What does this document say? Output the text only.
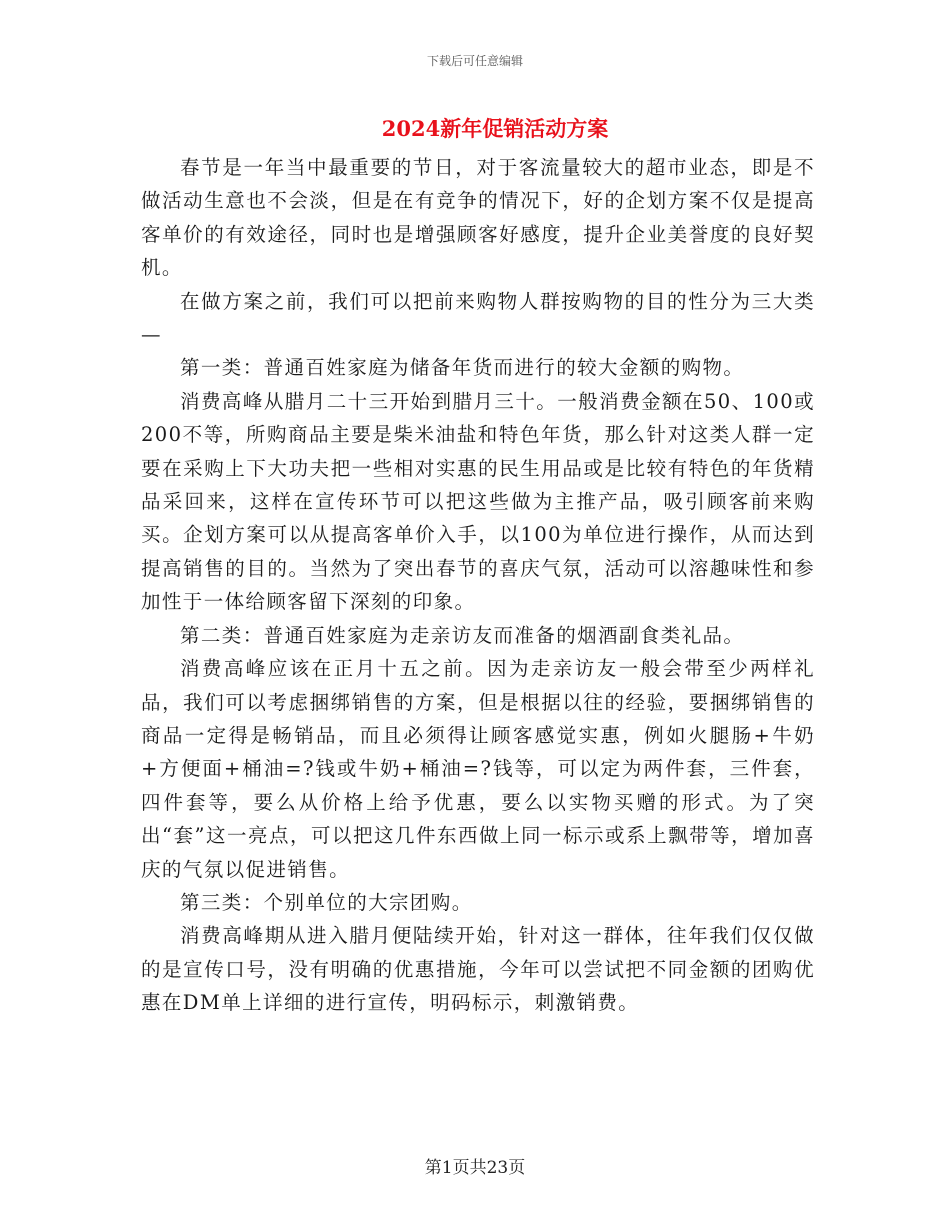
下载后可任意编辑
2024新年促销活动方案

春节是一年当中最重要的节日，对于客流量较大的超市业态，即是不做活动生意也不会淡，但是在有竞争的情况下，好的企划方案不仅是提高客单价的有效途径，同时也是增强顾客好感度，提升企业美誉度的良好契机。

在做方案之前，我们可以把前来购物人群按购物的目的性分为三大类—

第一类：普通百姓家庭为储备年货而进行的较大金额的购物。

消费高峰从腊月二十三开始到腊月三十。一般消费金额在50、100或200不等，所购商品主要是柴米油盐和特色年货，那么针对这类人群一定要在采购上下大功夫把一些相对实惠的民生用品或是比较有特色的年货精品采回来，这样在宣传环节可以把这些做为主推产品，吸引顾客前来购买。企划方案可以从提高客单价入手，以100为单位进行操作，从而达到提高销售的目的。当然为了突出春节的喜庆气氛，活动可以溶趣味性和参加性于一体给顾客留下深刻的印象。

第二类：普通百姓家庭为走亲访友而准备的烟酒副食类礼品。

消费高峰应该在正月十五之前。因为走亲访友一般会带至少两样礼品，我们可以考虑捆绑销售的方案，但是根据以往的经验，要捆绑销售的商品一定得是畅销品，而且必须得让顾客感觉实惠，例如火腿肠+牛奶+方便面+桶油=?钱或牛奶+桶油=?钱等，可以定为两件套，三件套，四件套等，要么从价格上给予优惠，要么以实物买赠的形式。为了突出“套”这一亮点，可以把这几件东西做上同一标示或系上飘带等，增加喜庆的气氛以促进销售。

第三类：个别单位的大宗团购。

消费高峰期从进入腊月便陆续开始，针对这一群体，往年我们仅仅做的是宣传口号，没有明确的优惠措施，今年可以尝试把不同金额的团购优惠在DM单上详细的进行宣传，明码标示，刺激销费。

第1页共23页
